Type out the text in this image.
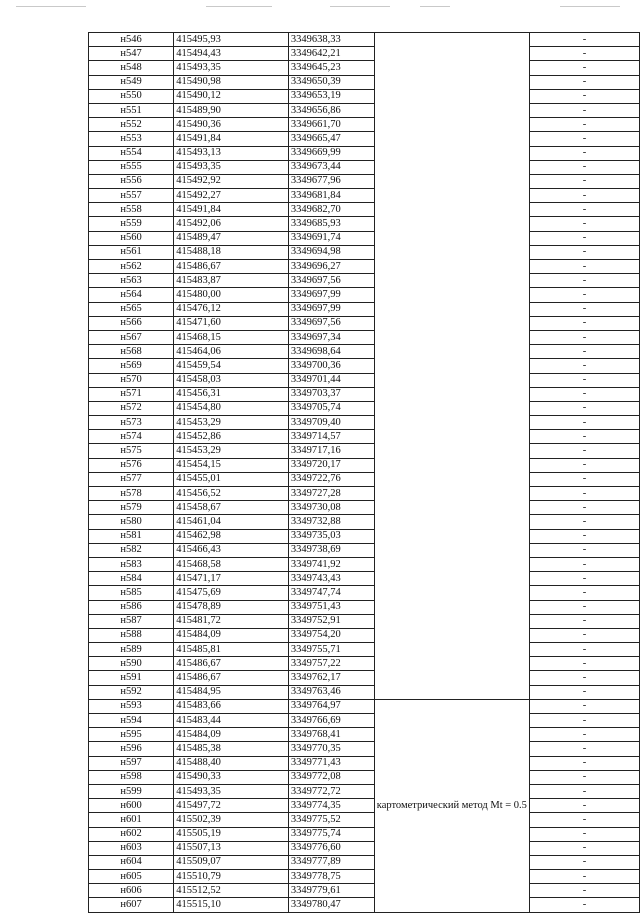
н546	415495,93	3349638,33		-
н547	415494,43	3349642,21		-
н548	415493,35	3349645,23		-
н549	415490,98	3349650,39		-
н550	415490,12	3349653,19		-
н551	415489,90	3349656,86		-
н552	415490,36	3349661,70		-
н553	415491,84	3349665,47		-
н554	415493,13	3349669,99		-
н555	415493,35	3349673,44		-
н556	415492,92	3349677,96		-
н557	415492,27	3349681,84		-
н558	415491,84	3349682,70		-
н559	415492,06	3349685,93		-
н560	415489,47	3349691,74		-
н561	415488,18	3349694,98		-
н562	415486,67	3349696,27		-
н563	415483,87	3349697,56		-
н564	415480,00	3349697,99		-
н565	415476,12	3349697,99		-
н566	415471,60	3349697,56		-
н567	415468,15	3349697,34		-
н568	415464,06	3349698,64		-
н569	415459,54	3349700,36		-
н570	415458,03	3349701,44		-
н571	415456,31	3349703,37		-
н572	415454,80	3349705,74		-
н573	415453,29	3349709,40		-
н574	415452,86	3349714,57		-
н575	415453,29	3349717,16		-
н576	415454,15	3349720,17		-
н577	415455,01	3349722,76		-
н578	415456,52	3349727,28		-
н579	415458,67	3349730,08		-
н580	415461,04	3349732,88		-
н581	415462,98	3349735,03		-
н582	415466,43	3349738,69		-
н583	415468,58	3349741,92		-
н584	415471,17	3349743,43		-
н585	415475,69	3349747,74		-
н586	415478,89	3349751,43		-
н587	415481,72	3349752,91		-
н588	415484,09	3349754,20		-
н589	415485,81	3349755,71		-
н590	415486,67	3349757,22		-
н591	415486,67	3349762,17		-
н592	415484,95	3349763,46		-
н593	415483,66	3349764,97	картометрический метод Mt = 0.5	-
н594	415483,44	3349766,69		-
н595	415484,09	3349768,41		-
н596	415485,38	3349770,35		-
н597	415488,40	3349771,43		-
н598	415490,33	3349772,08		-
н599	415493,35	3349772,72		-
н600	415497,72	3349774,35		-
н601	415502,39	3349775,52		-
н602	415505,19	3349775,74		-
н603	415507,13	3349776,60		-
н604	415509,07	3349777,89		-
н605	415510,79	3349778,75		-
н606	415512,52	3349779,61		-
н607	415515,10	3349780,47		-
